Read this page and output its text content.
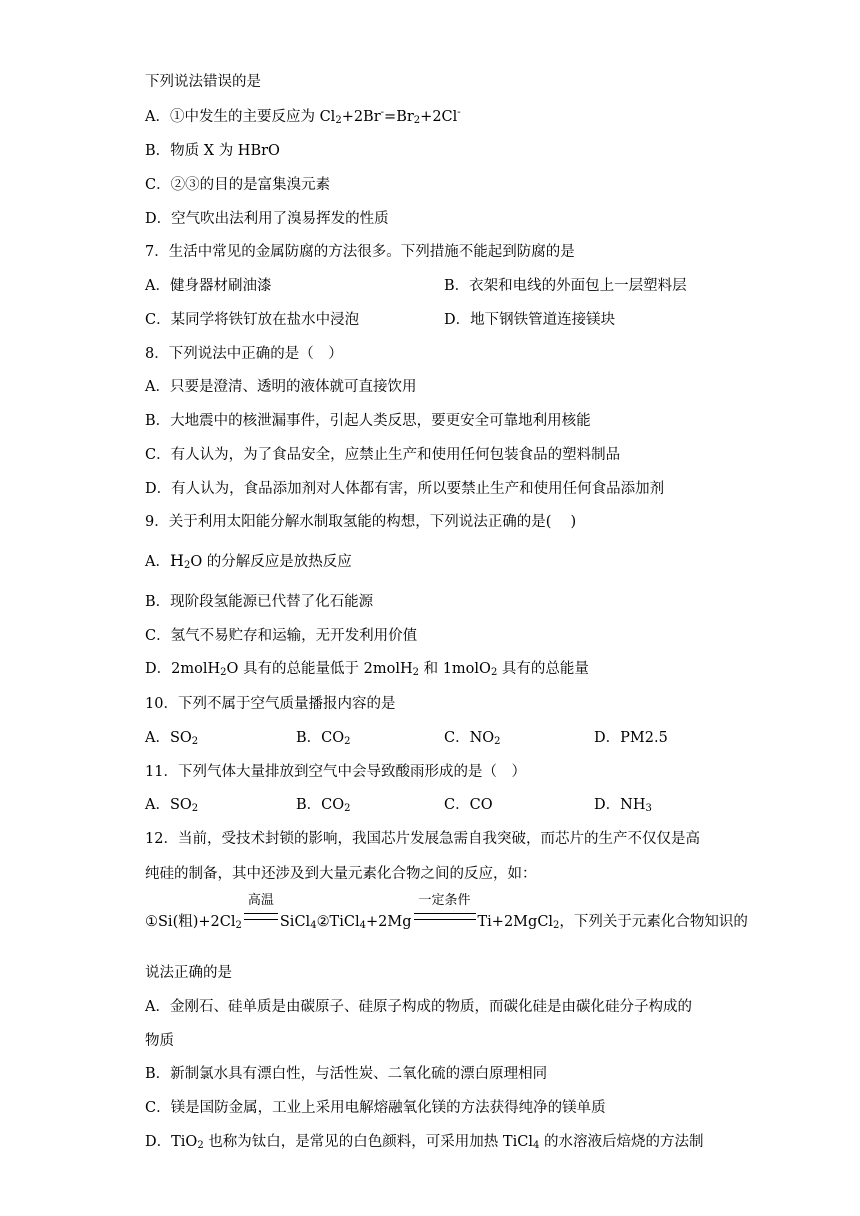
下列说法错误的是
A．①中发生的主要反应为 $Cl_2+2Br^-=Br_2+2Cl^-$
B．物质 X 为 HBrO
C．②③的目的是富集溴元素
D．空气吹出法利用了溴易挥发的性质
7．生活中常见的金属防腐的方法很多。下列措施不能起到防腐的是
A．健身器材刷油漆	B．衣架和电线的外面包上一层塑料层
C．某同学将铁钉放在盐水中浸泡	D．地下钢铁管道连接镁块
8．下列说法中正确的是（　）
A．只要是澄清、透明的液体就可直接饮用
B．大地震中的核泄漏事件，引起人类反思，要更安全可靠地利用核能
C．有人认为，为了食品安全，应禁止生产和使用任何包装食品的塑料制品
D．有人认为，食品添加剂对人体都有害，所以要禁止生产和使用任何食品添加剂
9．关于利用太阳能分解水制取氢能的构想，下列说法正确的是(　 )
A．$H_2O$ 的分解反应是放热反应
B．现阶段氢能源已代替了化石能源
C．氢气不易贮存和运输，无开发利用价值
D．2molH$_2$O 具有的总能量低于 2molH$_2$ 和 1molO$_2$ 具有的总能量
10．下列不属于空气质量播报内容的是
A．$SO_2$	B．$CO_2$	C．$NO_2$	D．PM2.5
11．下列气体大量排放到空气中会导致酸雨形成的是（　）
A．$SO_2$	B．$CO_2$	C．CO	D．$NH_3$
12．当前，受技术封锁的影响，我国芯片发展急需自我突破，而芯片的生产不仅仅是高
纯硅的制备，其中还涉及到大量元素化合物之间的反应，如：
①Si(粗)$+2Cl_2$
高温
SiCl$_4$②TiCl$_4$+2Mg
一定条件
Ti+2MgCl$_2$，下列关于元素化合物知识的
说法正确的是
A．金刚石、硅单质是由碳原子、硅原子构成的物质，而碳化硅是由碳化硅分子构成的
物质
B．新制氯水具有漂白性，与活性炭、二氧化硫的漂白原理相同
C．镁是国防金属，工业上采用电解熔融氧化镁的方法获得纯净的镁单质
D．TiO$_2$ 也称为钛白，是常见的白色颜料，可采用加热 TiCl$_4$ 的水溶液后焙烧的方法制
